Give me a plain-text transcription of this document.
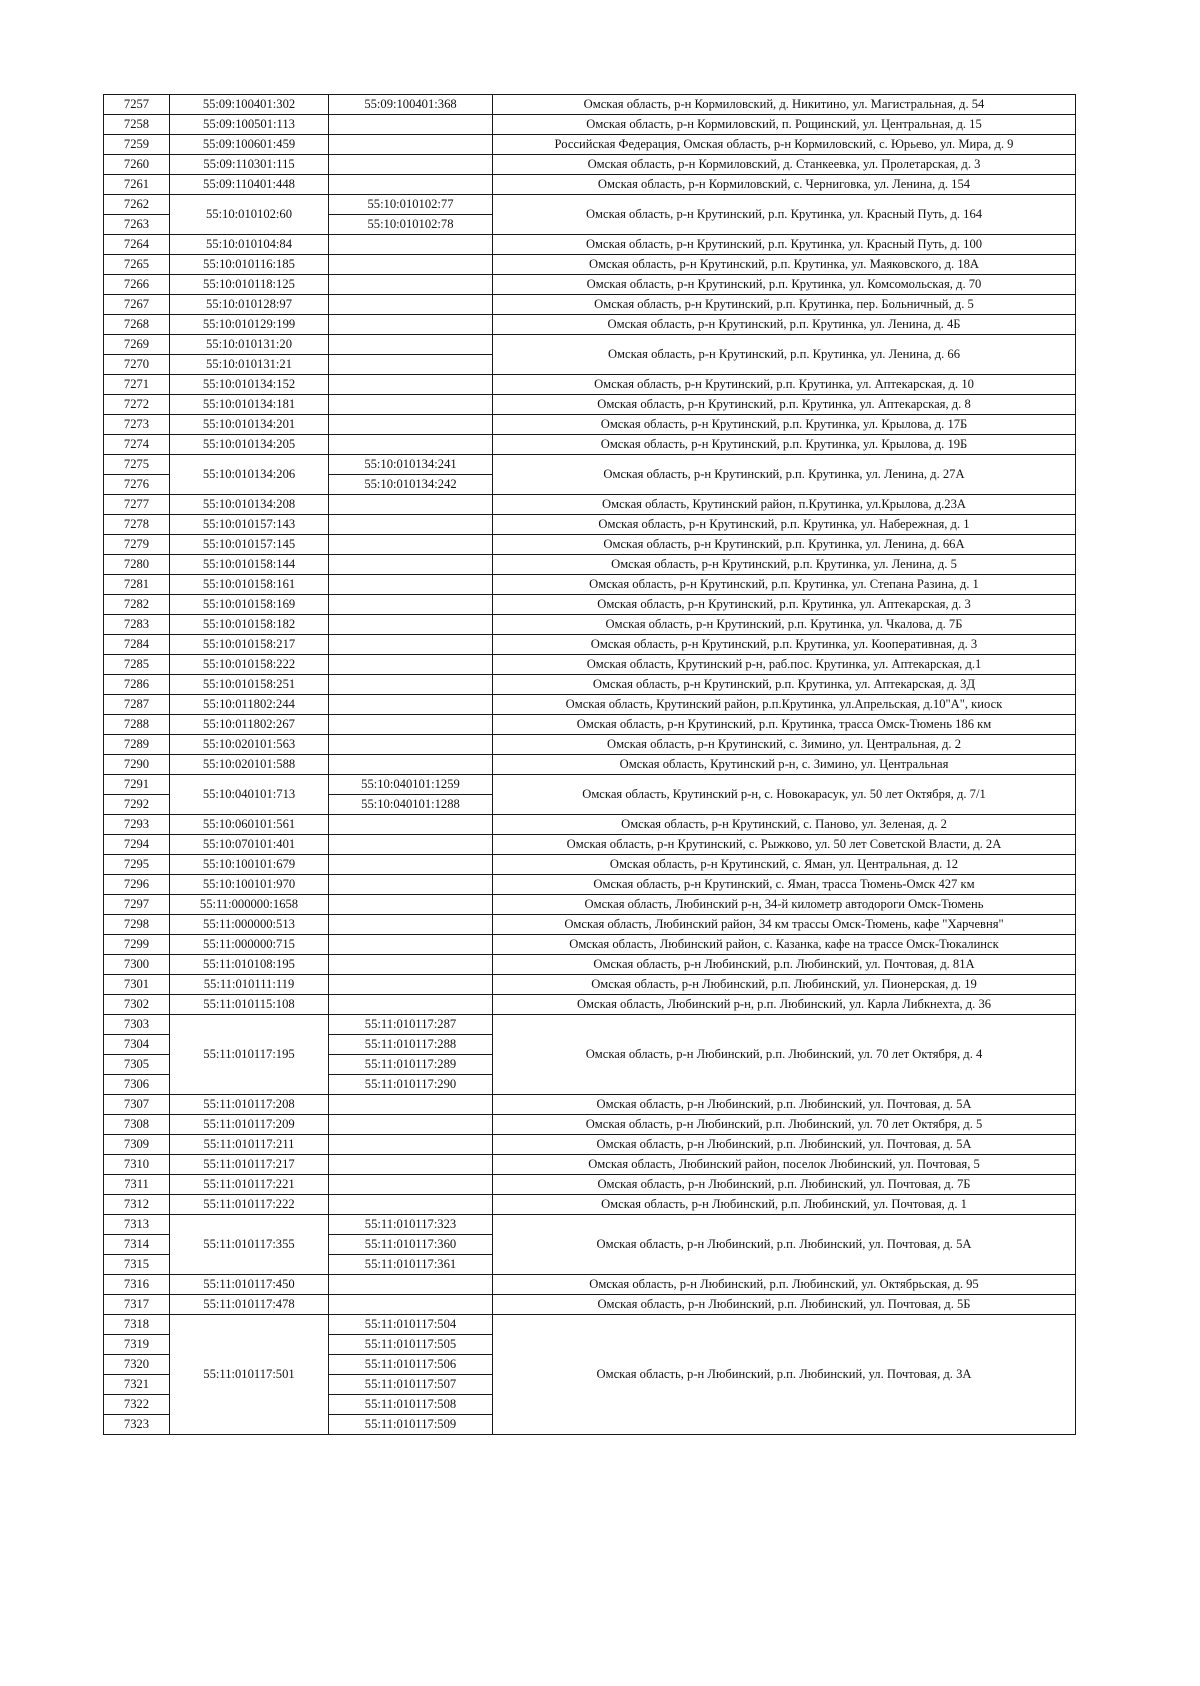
7257	55:09:100401:302	55:09:100401:368	Омская область, р-н Кормиловский, д. Никитино, ул. Магистральная, д. 54
7258	55:09:100501:113		Омская область, р-н Кормиловский, п. Рощинский, ул. Центральная, д. 15
7259	55:09:100601:459		Российская Федерация, Омская область, р-н Кормиловский, с. Юрьево, ул. Мира, д. 9
7260	55:09:110301:115		Омская область, р-н Кормиловский, д. Станкеевка, ул. Пролетарская, д. 3
7261	55:09:110401:448		Омская область, р-н Кормиловский, с. Черниговка, ул. Ленина, д. 154
7262	55:10:010102:60	55:10:010102:77	Омская область, р-н Крутинский, р.п. Крутинка, ул. Красный Путь, д. 164
7263		55:10:010102:78	
7264	55:10:010104:84		Омская область, р-н Крутинский, р.п. Крутинка, ул. Красный Путь, д. 100
7265	55:10:010116:185		Омская область, р-н Крутинский, р.п. Крутинка, ул. Маяковского, д. 18А
7266	55:10:010118:125		Омская область, р-н Крутинский, р.п. Крутинка, ул. Комсомольская, д. 70
7267	55:10:010128:97		Омская область, р-н Крутинский, р.п. Крутинка, пер. Больничный, д. 5
7268	55:10:010129:199		Омская область, р-н Крутинский, р.п. Крутинка, ул. Ленина, д. 4Б
7269	55:10:010131:20		Омская область, р-н Крутинский, р.п. Крутинка, ул. Ленина, д. 66
7270	55:10:010131:21		
7271	55:10:010134:152		Омская область, р-н Крутинский, р.п. Крутинка, ул. Аптекарская, д. 10
7272	55:10:010134:181		Омская область, р-н Крутинский, р.п. Крутинка, ул. Аптекарская, д. 8
7273	55:10:010134:201		Омская область, р-н Крутинский, р.п. Крутинка, ул. Крылова, д. 17Б
7274	55:10:010134:205		Омская область, р-н Крутинский, р.п. Крутинка, ул. Крылова, д. 19Б
7275	55:10:010134:206	55:10:010134:241	Омская область, р-н Крутинский, р.п. Крутинка, ул. Ленина, д. 27А
7276		55:10:010134:242	
7277	55:10:010134:208		Омская область, Крутинский район, п.Крутинка, ул.Крылова, д.23А
7278	55:10:010157:143		Омская область, р-н Крутинский, р.п. Крутинка, ул. Набережная, д. 1
7279	55:10:010157:145		Омская область, р-н Крутинский, р.п. Крутинка, ул. Ленина, д. 66А
7280	55:10:010158:144		Омская область, р-н Крутинский, р.п. Крутинка, ул. Ленина, д. 5
7281	55:10:010158:161		Омская область, р-н Крутинский, р.п. Крутинка, ул. Степана Разина, д. 1
7282	55:10:010158:169		Омская область, р-н Крутинский, р.п. Крутинка, ул. Аптекарская, д. 3
7283	55:10:010158:182		Омская область, р-н Крутинский, р.п. Крутинка, ул. Чкалова, д. 7Б
7284	55:10:010158:217		Омская область, р-н Крутинский, р.п. Крутинка, ул. Кооперативная, д. 3
7285	55:10:010158:222		Омская область, Крутинский р-н, раб.пос. Крутинка, ул. Аптекарская, д.1
7286	55:10:010158:251		Омская область, р-н Крутинский, р.п. Крутинка, ул. Аптекарская, д. 3Д
7287	55:10:011802:244		Омская область, Крутинский район, р.п.Крутинка, ул.Апрельская, д.10"А", киоск
7288	55:10:011802:267		Омская область, р-н Крутинский, р.п. Крутинка, трасса Омск-Тюмень 186 км
7289	55:10:020101:563		Омская область, р-н Крутинский, с. Зимино, ул. Центральная, д. 2
7290	55:10:020101:588		Омская область, Крутинский р-н, с. Зимино, ул. Центральная
7291	55:10:040101:713	55:10:040101:1259	Омская область, Крутинский р-н, с. Новокарасук, ул. 50 лет Октября, д. 7/1
7292		55:10:040101:1288	
7293	55:10:060101:561		Омская область, р-н Крутинский, с. Паново, ул. Зеленая, д. 2
7294	55:10:070101:401		Омская область, р-н Крутинский, с. Рыжково, ул. 50 лет Советской Власти, д. 2А
7295	55:10:100101:679		Омская область, р-н Крутинский, с. Яман, ул. Центральная, д. 12
7296	55:10:100101:970		Омская область, р-н Крутинский, с. Яман, трасса Тюмень-Омск 427 км
7297	55:11:000000:1658		Омская область, Любинский р-н, 34-й километр автодороги Омск-Тюмень
7298	55:11:000000:513		Омская область, Любинский район, 34 км трассы Омск-Тюмень, кафе "Харчевня"
7299	55:11:000000:715		Омская область, Любинский район, с. Казанка, кафе на трассе Омск-Тюкалинск
7300	55:11:010108:195		Омская область, р-н Любинский, р.п. Любинский, ул. Почтовая, д. 81А
7301	55:11:010111:119		Омская область, р-н Любинский, р.п. Любинский, ул. Пионерская, д. 19
7302	55:11:010115:108		Омская область, Любинский р-н, р.п. Любинский, ул. Карла Либкнехта, д. 36
7303	55:11:010117:195	55:11:010117:287	Омская область, р-н Любинский, р.п. Любинский, ул. 70 лет Октября, д. 4
7304		55:11:010117:288	
7305		55:11:010117:289	
7306		55:11:010117:290	
7307	55:11:010117:208		Омская область, р-н Любинский, р.п. Любинский, ул. Почтовая, д. 5А
7308	55:11:010117:209		Омская область, р-н Любинский, р.п. Любинский, ул. 70 лет Октября, д. 5
7309	55:11:010117:211		Омская область, р-н Любинский, р.п. Любинский, ул. Почтовая, д. 5А
7310	55:11:010117:217		Омская область, Любинский район, поселок Любинский, ул. Почтовая, 5
7311	55:11:010117:221		Омская область, р-н Любинский, р.п. Любинский, ул. Почтовая, д. 7Б
7312	55:11:010117:222		Омская область, р-н Любинский, р.п. Любинский, ул. Почтовая, д. 1
7313	55:11:010117:355	55:11:010117:323	Омская область, р-н Любинский, р.п. Любинский, ул. Почтовая, д. 5А
7314		55:11:010117:360	
7315		55:11:010117:361	
7316	55:11:010117:450		Омская область, р-н Любинский, р.п. Любинский, ул. Октябрьская, д. 95
7317	55:11:010117:478		Омская область, р-н Любинский, р.п. Любинский, ул. Почтовая, д. 5Б
7318	55:11:010117:501	55:11:010117:504	Омская область, р-н Любинский, р.п. Любинский, ул. Почтовая, д. 3А
7319		55:11:010117:505	
7320		55:11:010117:506	
7321		55:11:010117:507	
7322		55:11:010117:508	
7323		55:11:010117:509	
